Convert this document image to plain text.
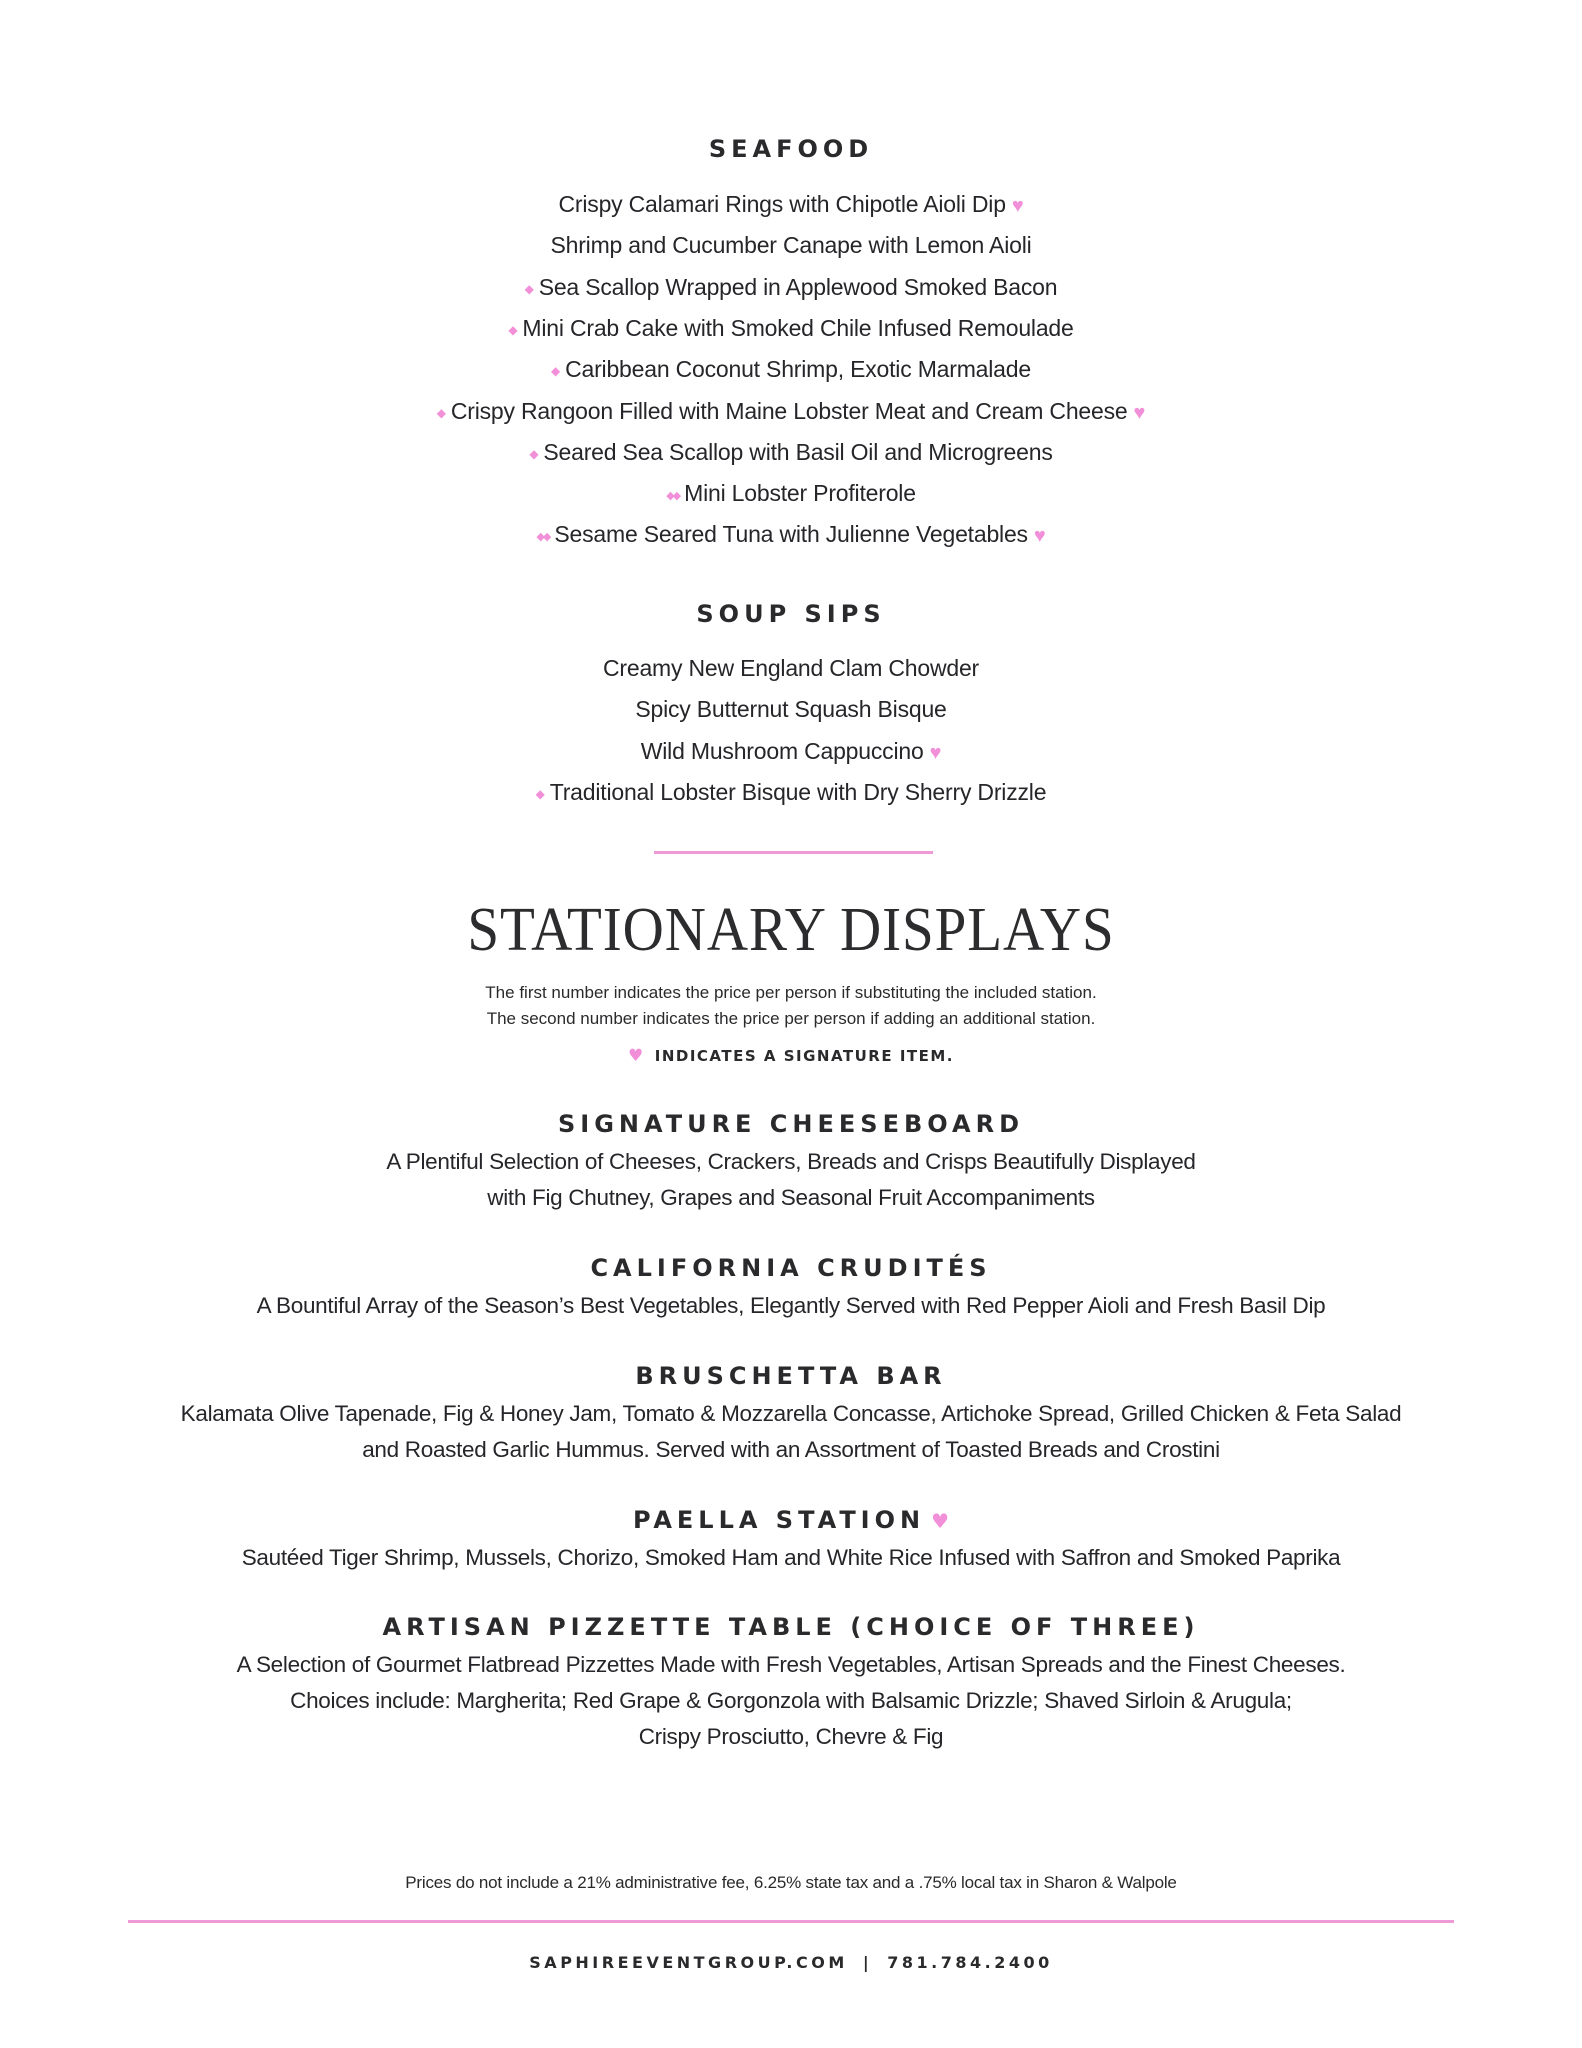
SEAFOOD
Crispy Calamari Rings with Chipotle Aioli Dip ♥
Shrimp and Cucumber Canape with Lemon Aioli
◆ Sea Scallop Wrapped in Applewood Smoked Bacon
◆ Mini Crab Cake with Smoked Chile Infused Remoulade
◆ Caribbean Coconut Shrimp, Exotic Marmalade
◆ Crispy Rangoon Filled with Maine Lobster Meat and Cream Cheese ♥
◆ Seared Sea Scallop with Basil Oil and Microgreens
◆◆ Mini Lobster Profiterole
◆◆ Sesame Seared Tuna with Julienne Vegetables ♥
SOUP SIPS
Creamy New England Clam Chowder
Spicy Butternut Squash Bisque
Wild Mushroom Cappuccino ♥
◆ Traditional Lobster Bisque with Dry Sherry Drizzle
STATIONARY DISPLAYS
The first number indicates the price per person if substituting the included station.
The second number indicates the price per person if adding an additional station.
♥ INDICATES A SIGNATURE ITEM.
SIGNATURE CHEESEBOARD
A Plentiful Selection of Cheeses, Crackers, Breads and Crisps Beautifully Displayed
with Fig Chutney, Grapes and Seasonal Fruit Accompaniments
CALIFORNIA CRUDITÉS
A Bountiful Array of the Season’s Best Vegetables, Elegantly Served with Red Pepper Aioli and Fresh Basil Dip
BRUSCHETTA BAR
Kalamata Olive Tapenade, Fig & Honey Jam, Tomato & Mozzarella Concasse, Artichoke Spread, Grilled Chicken & Feta Salad
and Roasted Garlic Hummus. Served with an Assortment of Toasted Breads and Crostini
PAELLA STATION ♥
Sautéed Tiger Shrimp, Mussels, Chorizo, Smoked Ham and White Rice Infused with Saffron and Smoked Paprika
ARTISAN PIZZETTE TABLE (CHOICE OF THREE)
A Selection of Gourmet Flatbread Pizzettes Made with Fresh Vegetables, Artisan Spreads and the Finest Cheeses.
Choices include: Margherita; Red Grape & Gorgonzola with Balsamic Drizzle; Shaved Sirloin & Arugula;
Crispy Prosciutto, Chevre & Fig
Prices do not include a 21% administrative fee, 6.25% state tax and a .75% local tax in Sharon & Walpole
SAPHIREEVENTGROUP.COM | 781.784.2400
